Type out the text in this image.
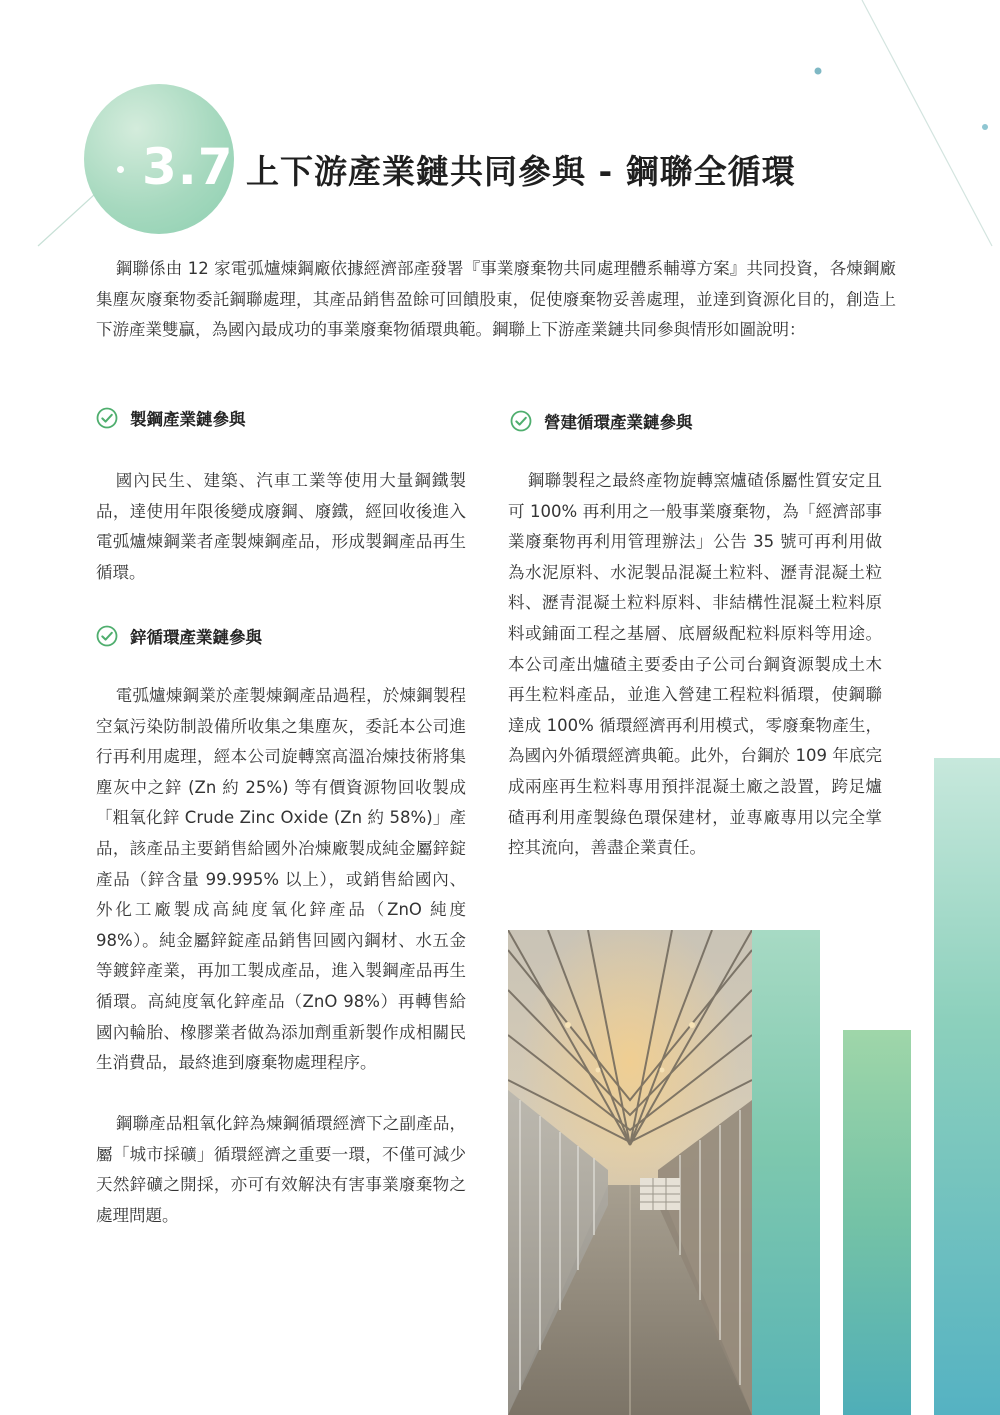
3.7 上下游產業鏈共同參與 - 鋼聯全循環

鋼聯係由 12 家電弧爐煉鋼廠依據經濟部產發署『事業廢棄物共同處理體系輔導方案』共同投資，各煉鋼廠集塵灰廢棄物委託鋼聯處理，其產品銷售盈餘可回饋股東，促使廢棄物妥善處理，並達到資源化目的，創造上下游產業雙贏，為國內最成功的事業廢棄物循環典範。鋼聯上下游產業鏈共同參與情形如圖說明：

製鋼產業鏈參與

國內民生、建築、汽車工業等使用大量鋼鐵製品，達使用年限後變成廢鋼、廢鐵，經回收後進入電弧爐煉鋼業者產製煉鋼產品，形成製鋼產品再生循環。

鋅循環產業鏈參與

電弧爐煉鋼業於產製煉鋼產品過程，於煉鋼製程空氣污染防制設備所收集之集塵灰，委託本公司進行再利用處理，經本公司旋轉窯高溫冶煉技術將集塵灰中之鋅 (Zn 約 25%) 等有價資源物回收製成「粗氧化鋅 Crude Zinc Oxide (Zn 約 58%)」產品，該產品主要銷售給國外冶煉廠製成純金屬鋅錠產品（鋅含量 99.995% 以上），或銷售給國內、外化工廠製成高純度氧化鋅產品（ZnO 純度 98%）。純金屬鋅錠產品銷售回國內鋼材、水五金等鍍鋅產業，再加工製成產品，進入製鋼產品再生循環。高純度氧化鋅產品（ZnO 98%）再轉售給國內輪胎、橡膠業者做為添加劑重新製作成相關民生消費品，最終進到廢棄物處理程序。

鋼聯產品粗氧化鋅為煉鋼循環經濟下之副產品，屬「城市採礦」循環經濟之重要一環，不僅可減少天然鋅礦之開採，亦可有效解決有害事業廢棄物之處理問題。

營建循環產業鏈參與

鋼聯製程之最終產物旋轉窯爐碴係屬性質安定且可 100% 再利用之一般事業廢棄物，為「經濟部事業廢棄物再利用管理辦法」公告 35 號可再利用做為水泥原料、水泥製品混凝土粒料、瀝青混凝土粒料、瀝青混凝土粒料原料、非結構性混凝土粒料原料或鋪面工程之基層、底層級配粒料原料等用途。本公司產出爐碴主要委由子公司台鋼資源製成土木再生粒料產品，並進入營建工程粒料循環，使鋼聯達成 100% 循環經濟再利用模式，零廢棄物產生，為國內外循環經濟典範。此外，台鋼於 109 年底完成兩座再生粒料專用預拌混凝土廠之設置，跨足爐碴再利用產製綠色環保建材，並專廠專用以完全掌控其流向，善盡企業責任。
